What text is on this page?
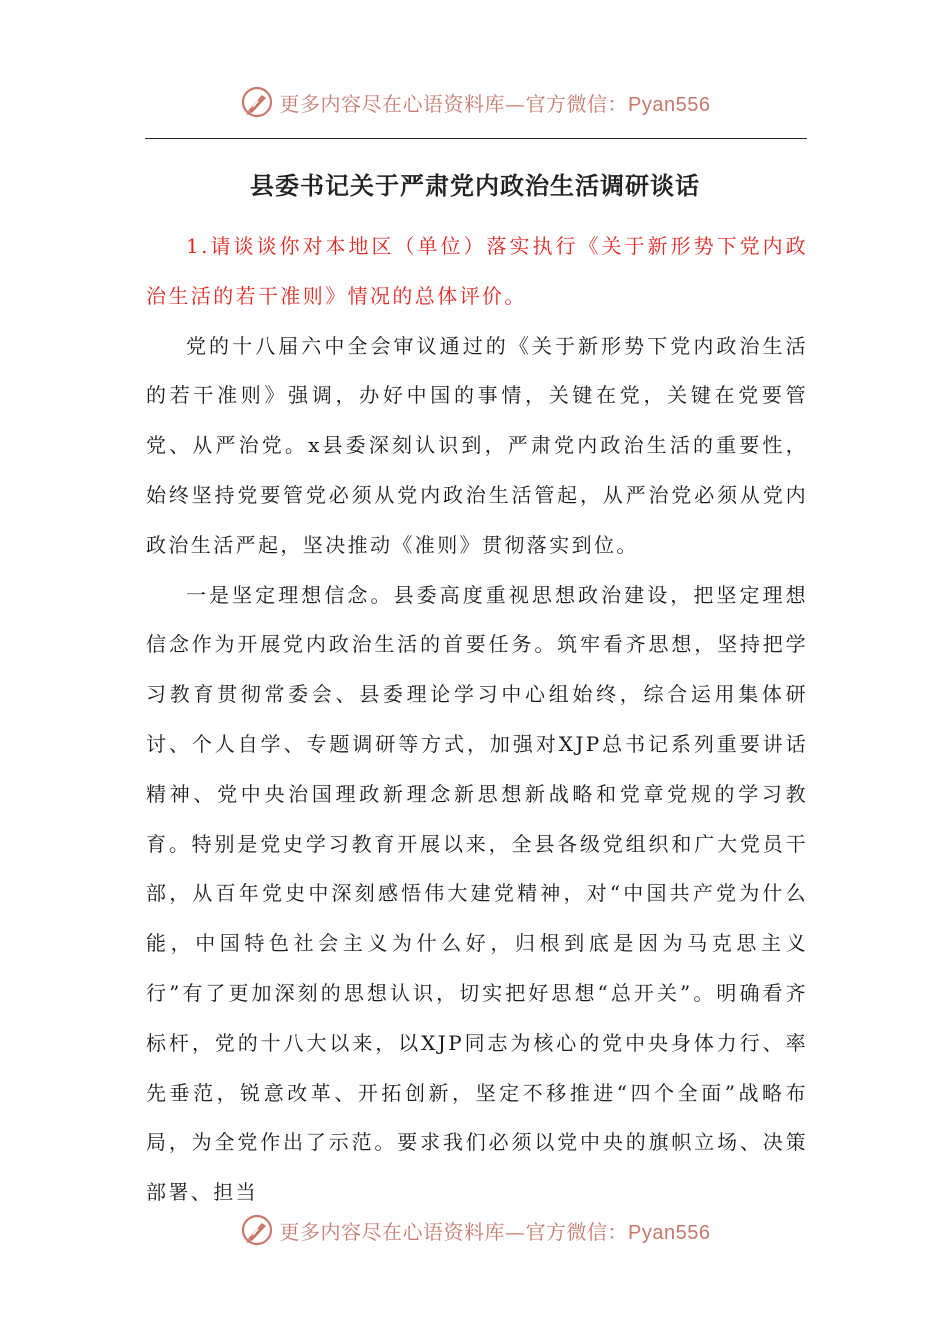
更多内容尽在心语资料库—官方微信：Pyan556
县委书记关于严肃党内政治生活调研谈话

1.请谈谈你对本地区（单位）落实执行《关于新形势下党内政治生活的若干准则》情况的总体评价。

党的十八届六中全会审议通过的《关于新形势下党内政治生活的若干准则》强调，办好中国的事情，关键在党，关键在党要管党、从严治党。x县委深刻认识到，严肃党内政治生活的重要性，始终坚持党要管党必须从党内政治生活管起，从严治党必须从党内政治生活严起，坚决推动《准则》贯彻落实到位。

一是坚定理想信念。县委高度重视思想政治建设，把坚定理想信念作为开展党内政治生活的首要任务。筑牢看齐思想，坚持把学习教育贯彻常委会、县委理论学习中心组始终，综合运用集体研讨、个人自学、专题调研等方式，加强对XJP总书记系列重要讲话精神、党中央治国理政新理念新思想新战略和党章党规的学习教育。特别是党史学习教育开展以来，全县各级党组织和广大党员干部，从百年党史中深刻感悟伟大建党精神，对“中国共产党为什么能，中国特色社会主义为什么好，归根到底是因为马克思主义行”有了更加深刻的思想认识，切实把好思想“总开关”。明确看齐标杆，党的十八大以来，以XJP同志为核心的党中央身体力行、率先垂范，锐意改革、开拓创新，坚定不移推进“四个全面”战略布局，为全党作出了示范。要求我们必须以党中央的旗帜立场、决策部署、担当

更多内容尽在心语资料库—官方微信：Pyan556
